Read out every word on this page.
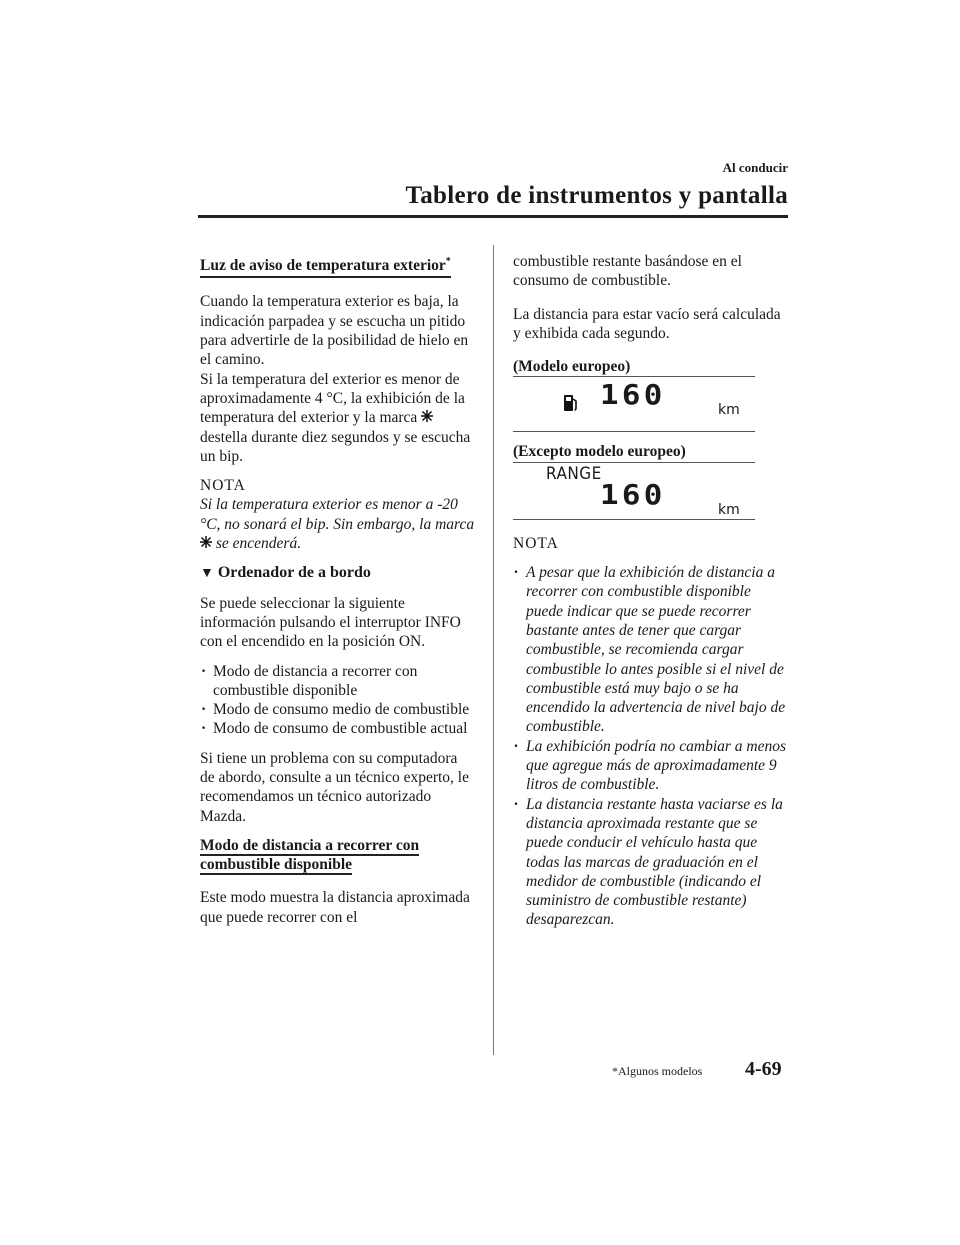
Al conducir
Tablero de instrumentos y pantalla
Luz de aviso de temperatura exterior*

Cuando la temperatura exterior es baja, la indicación parpadea y se escucha un pitido para advertirle de la posibilidad de hielo en el camino.

Si la temperatura del exterior es menor de aproximadamente 4 °C, la exhibición de la temperatura del exterior y la marca  destella durante diez segundos y se escucha un bip.

NOTA

Si la temperatura exterior es menor a -20 °C, no sonará el bip. Sin embargo, la marca  se encenderá.

▼ Ordenador de a bordo

Se puede seleccionar la siguiente información pulsando el interruptor INFO con el encendido en la posición ON.

· Modo de distancia a recorrer con combustible disponible
· Modo de consumo medio de combustible
· Modo de consumo de combustible actual

Si tiene un problema con su computadora de abordo, consulte a un técnico experto, le recomendamos un técnico autorizado Mazda.

Modo de distancia a recorrer con
combustible disponible

Este modo muestra la distancia aproximada que puede recorrer con el

combustible restante basándose en el consumo de combustible.

La distancia para estar vacío será calculada y exhibida cada segundo.

(Modelo europeo)
160	km
(Excepto modelo europeo)
RANGE
160	km

NOTA

· A pesar que la exhibición de distancia a recorrer con combustible disponible puede indicar que se puede recorrer bastante antes de tener que cargar combustible, se recomienda cargar combustible lo antes posible si el nivel de combustible está muy bajo o se ha encendido la advertencia de nivel bajo de combustible.
· La exhibición podría no cambiar a menos que agregue más de aproximadamente 9 litros de combustible.
· La distancia restante hasta vaciarse es la distancia aproximada restante que se puede conducir el vehículo hasta que todas las marcas de graduación en el medidor de combustible (indicando el suministro de combustible restante) desaparezcan.
*Algunos modelos 4-69
